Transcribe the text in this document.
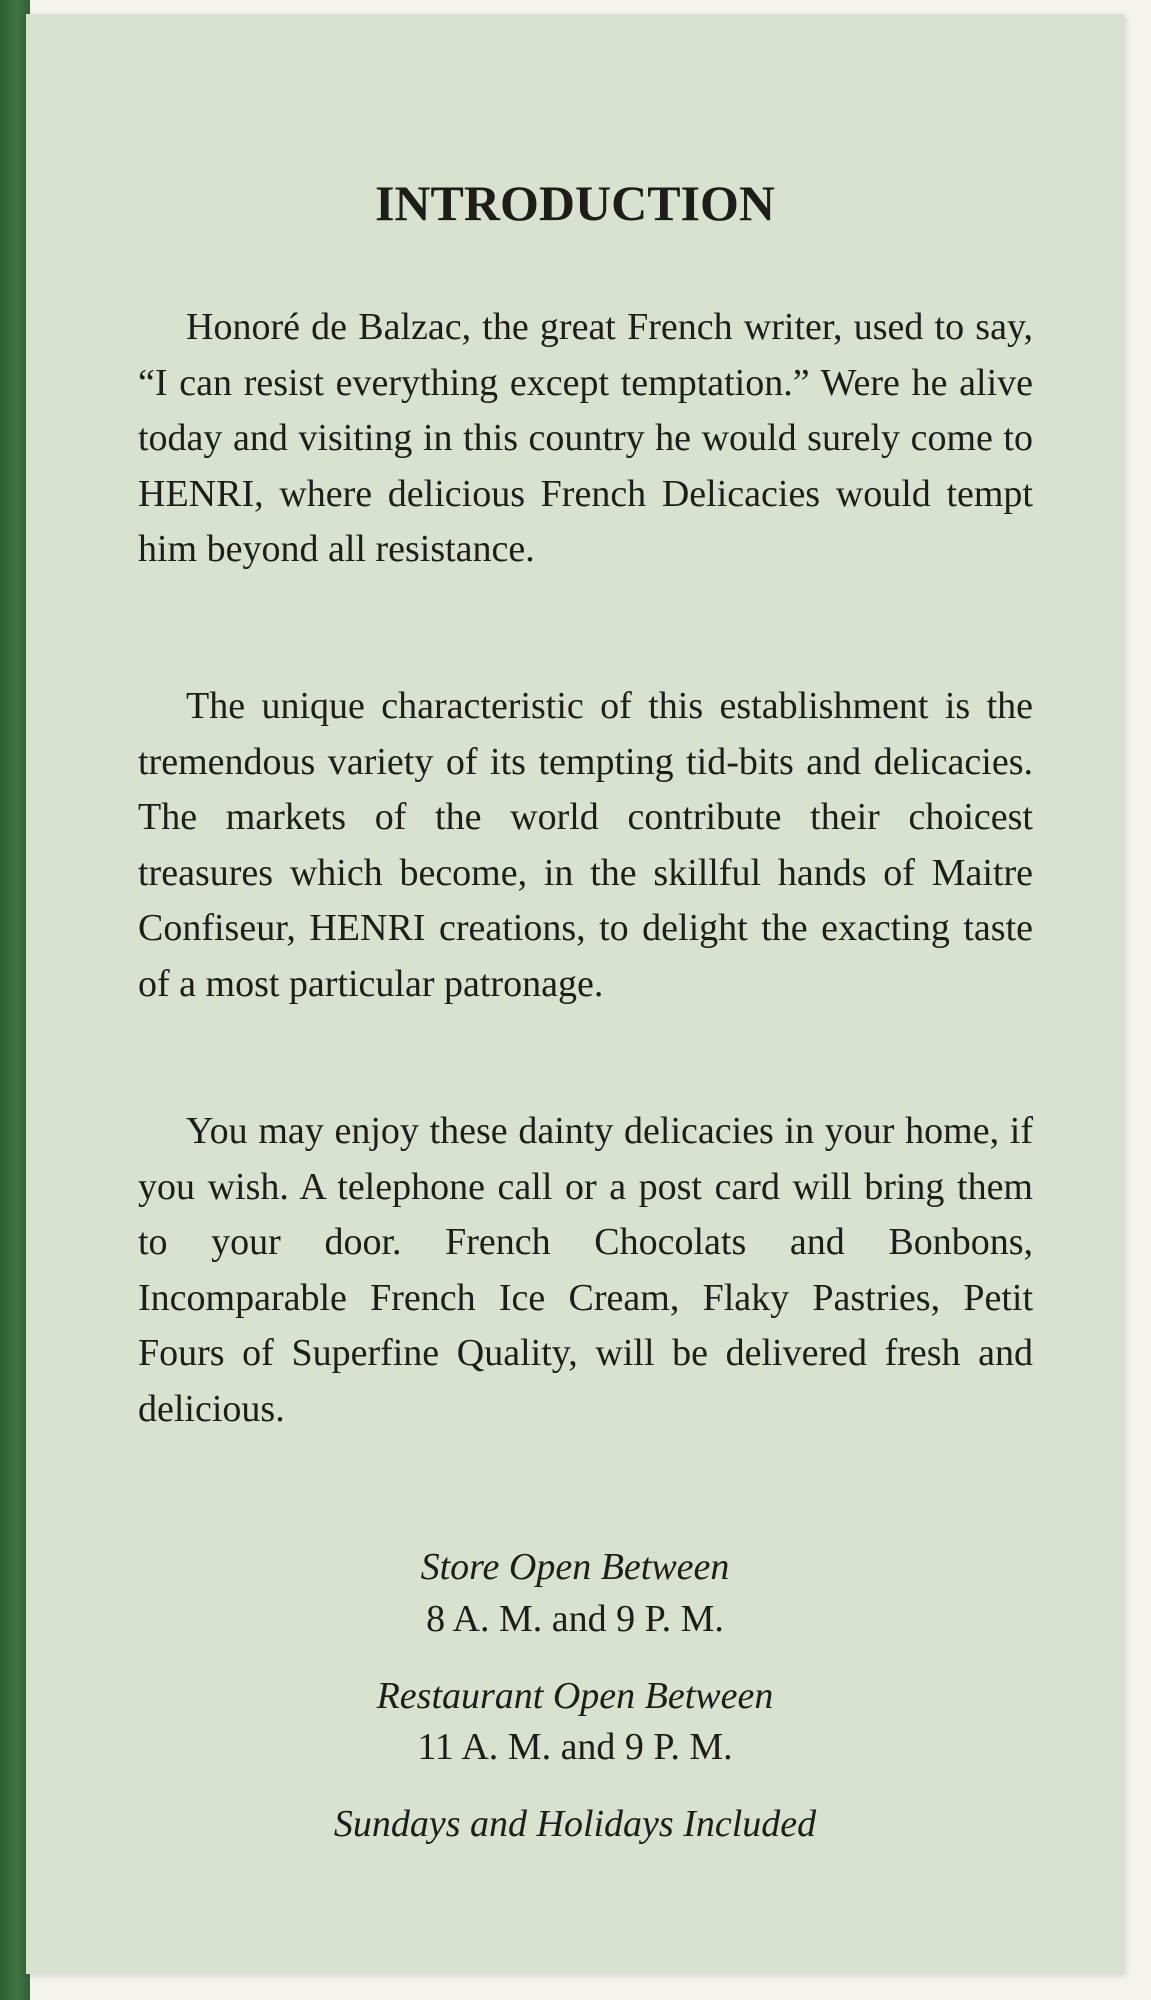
INTRODUCTION

Honoré de Balzac, the great French writer, used to say, “I can resist everything except temptation.” Were he alive today and visiting in this country he would surely come to HENRI, where delicious French Delicacies would tempt him beyond all resistance.

The unique characteristic of this establishment is the tremendous variety of its tempting tid-bits and delicacies. The markets of the world contribute their choicest treasures which become, in the skillful hands of Maitre Confiseur, HENRI creations, to delight the exacting taste of a most particular patronage.

You may enjoy these dainty delicacies in your home, if you wish. A telephone call or a post card will bring them to your door. French Chocolats and Bonbons, Incomparable French Ice Cream, Flaky Pastries, Petit Fours of Superfine Quality, will be delivered fresh and delicious.

Store Open Between

8 A. M. and 9 P. M.

Restaurant Open Between

11 A. M. and 9 P. M.

Sundays and Holidays Included
